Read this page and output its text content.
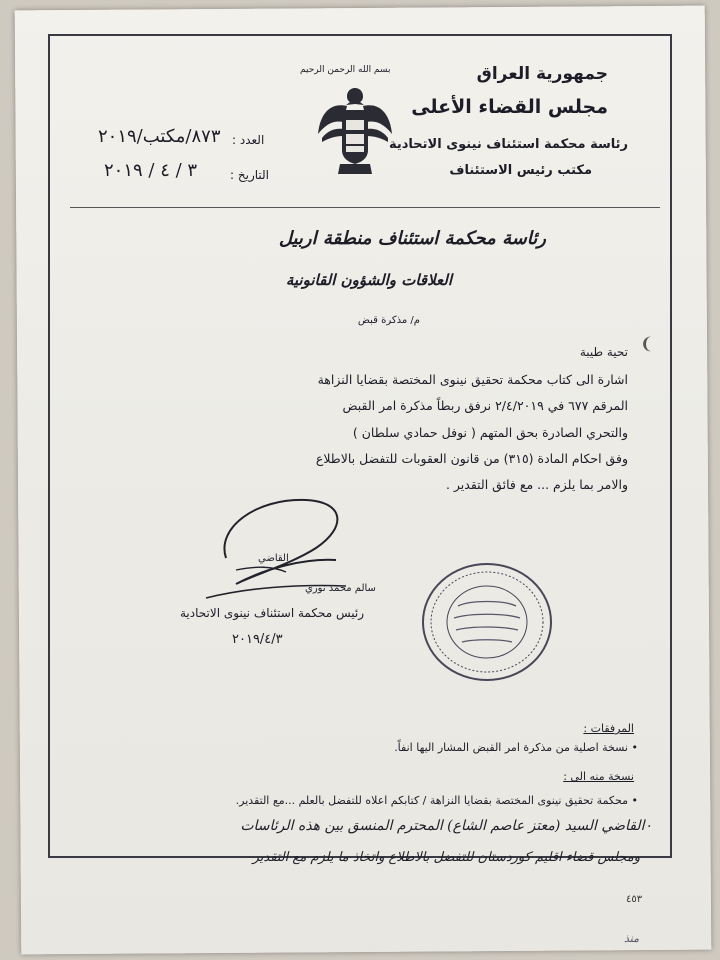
جمهورية العراق
مجلس القضاء الأعلى
رئاسة محكمة استئناف نينوى الاتحادية
مكتب رئيس الاستئناف
بسم الله الرحمن الرحيم
العدد :
٨٧٣/مكتب/٢٠١٩
التاريخ :
٣ / ٤ / ٢٠١٩
رئاسة محكمة استئناف منطقة اربيل
العلاقات والشؤون القانونية
م/ مذكرة قبض
تحية طيبة
اشارة الى كتاب محكمة تحقيق نينوى المختصة بقضايا النزاهة
المرقم ٦٧٧ في ٢/٤/٢٠١٩ نرفق ربطاً مذكرة امر القبض
والتحري الصادرة بحق المتهم ( نوفل حمادي سلطان )
وفق احكام المادة (٣١٥) من قانون العقوبات للتفضل بالاطلاع
والامر بما يلزم ... مع فائق التقدير .
القاضي
سالم محمد نوري
رئيس محكمة استئناف نينوى الاتحادية
٢٠١٩/٤/٣
المرفقات :
• نسخة اصلية من مذكرة امر القبض المشار اليها انفاً.
نسخة منه الى :
• محكمة تحقيق نينوى المختصة بقضايا النزاهة / كتابكم اعلاه للتفضل بالعلم ...مع التقدير.
٠القاضي السيد (معتز عاصم الشاع) المحترم المنسق بين هذه الرئاسات
ومجلس قضاء اقليم كوردستان للتفضل بالاطلاع واتخاذ ما يلزم مع التقدير
❨
٤٥٣
منذ
